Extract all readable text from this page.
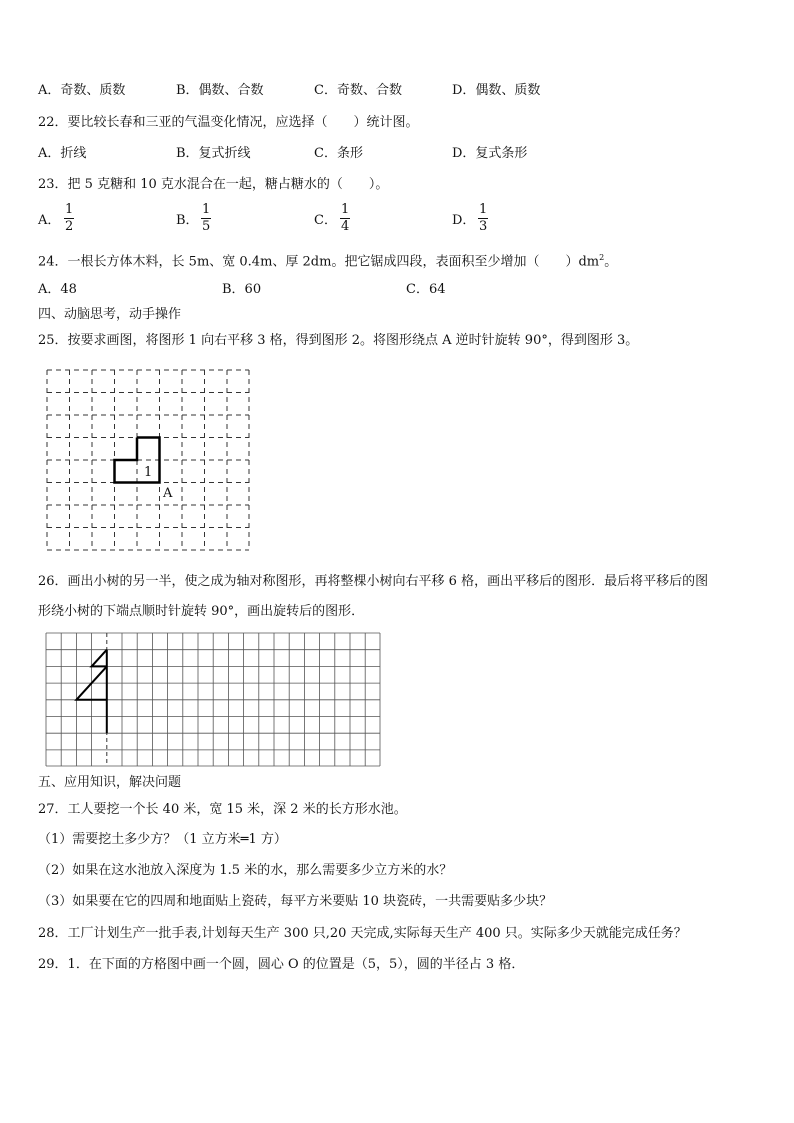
A．奇数、质数	B．偶数、合数	C．奇数、合数	D．偶数、质数
22．要比较长春和三亚的气温变化情况，应选择（　　）统计图。
A．折线	B．复式折线	C．条形	D．复式条形
23．把 5 克糖和 10 克水混合在一起，糖占糖水的（　　）。
A．
1
2	B．
1
5	C．
1
4	D．
1
3
24．一根长方体木料，长 5m、宽 0.4m、厚 2dm。把它锯成四段，表面积至少增加（　　）$dm^2$。
A．48	B．60	C．64
四、动脑思考，动手操作
25．按要求画图，将图形 1 向右平移 3 格，得到图形 2。将图形绕点 A 逆时针旋转 90°，得到图形 3。
1
A
26．画出小树的另一半，使之成为轴对称图形，再将整棵小树向右平移 6 格，画出平移后的图形．最后将平移后的图
形绕小树的下端点顺时针旋转 90°，画出旋转后的图形．
五、应用知识，解决问题
27．工人要挖一个长 40 米，宽 15 米，深 2 米的长方形水池。
（1）需要挖土多少方？（1 立方米═1 方）
（2）如果在这水池放入深度为 1.5 米的水，那么需要多少立方米的水？
（3）如果要在它的四周和地面贴上瓷砖，每平方米要贴 10 块瓷砖，一共需要贴多少块？
28．工厂计划生产一批手表,计划每天生产 300 只,20 天完成,实际每天生产 400 只。实际多少天就能完成任务？
29．1．在下面的方格图中画一个圆，圆心 O 的位置是（5，5），圆的半径占 3 格．
